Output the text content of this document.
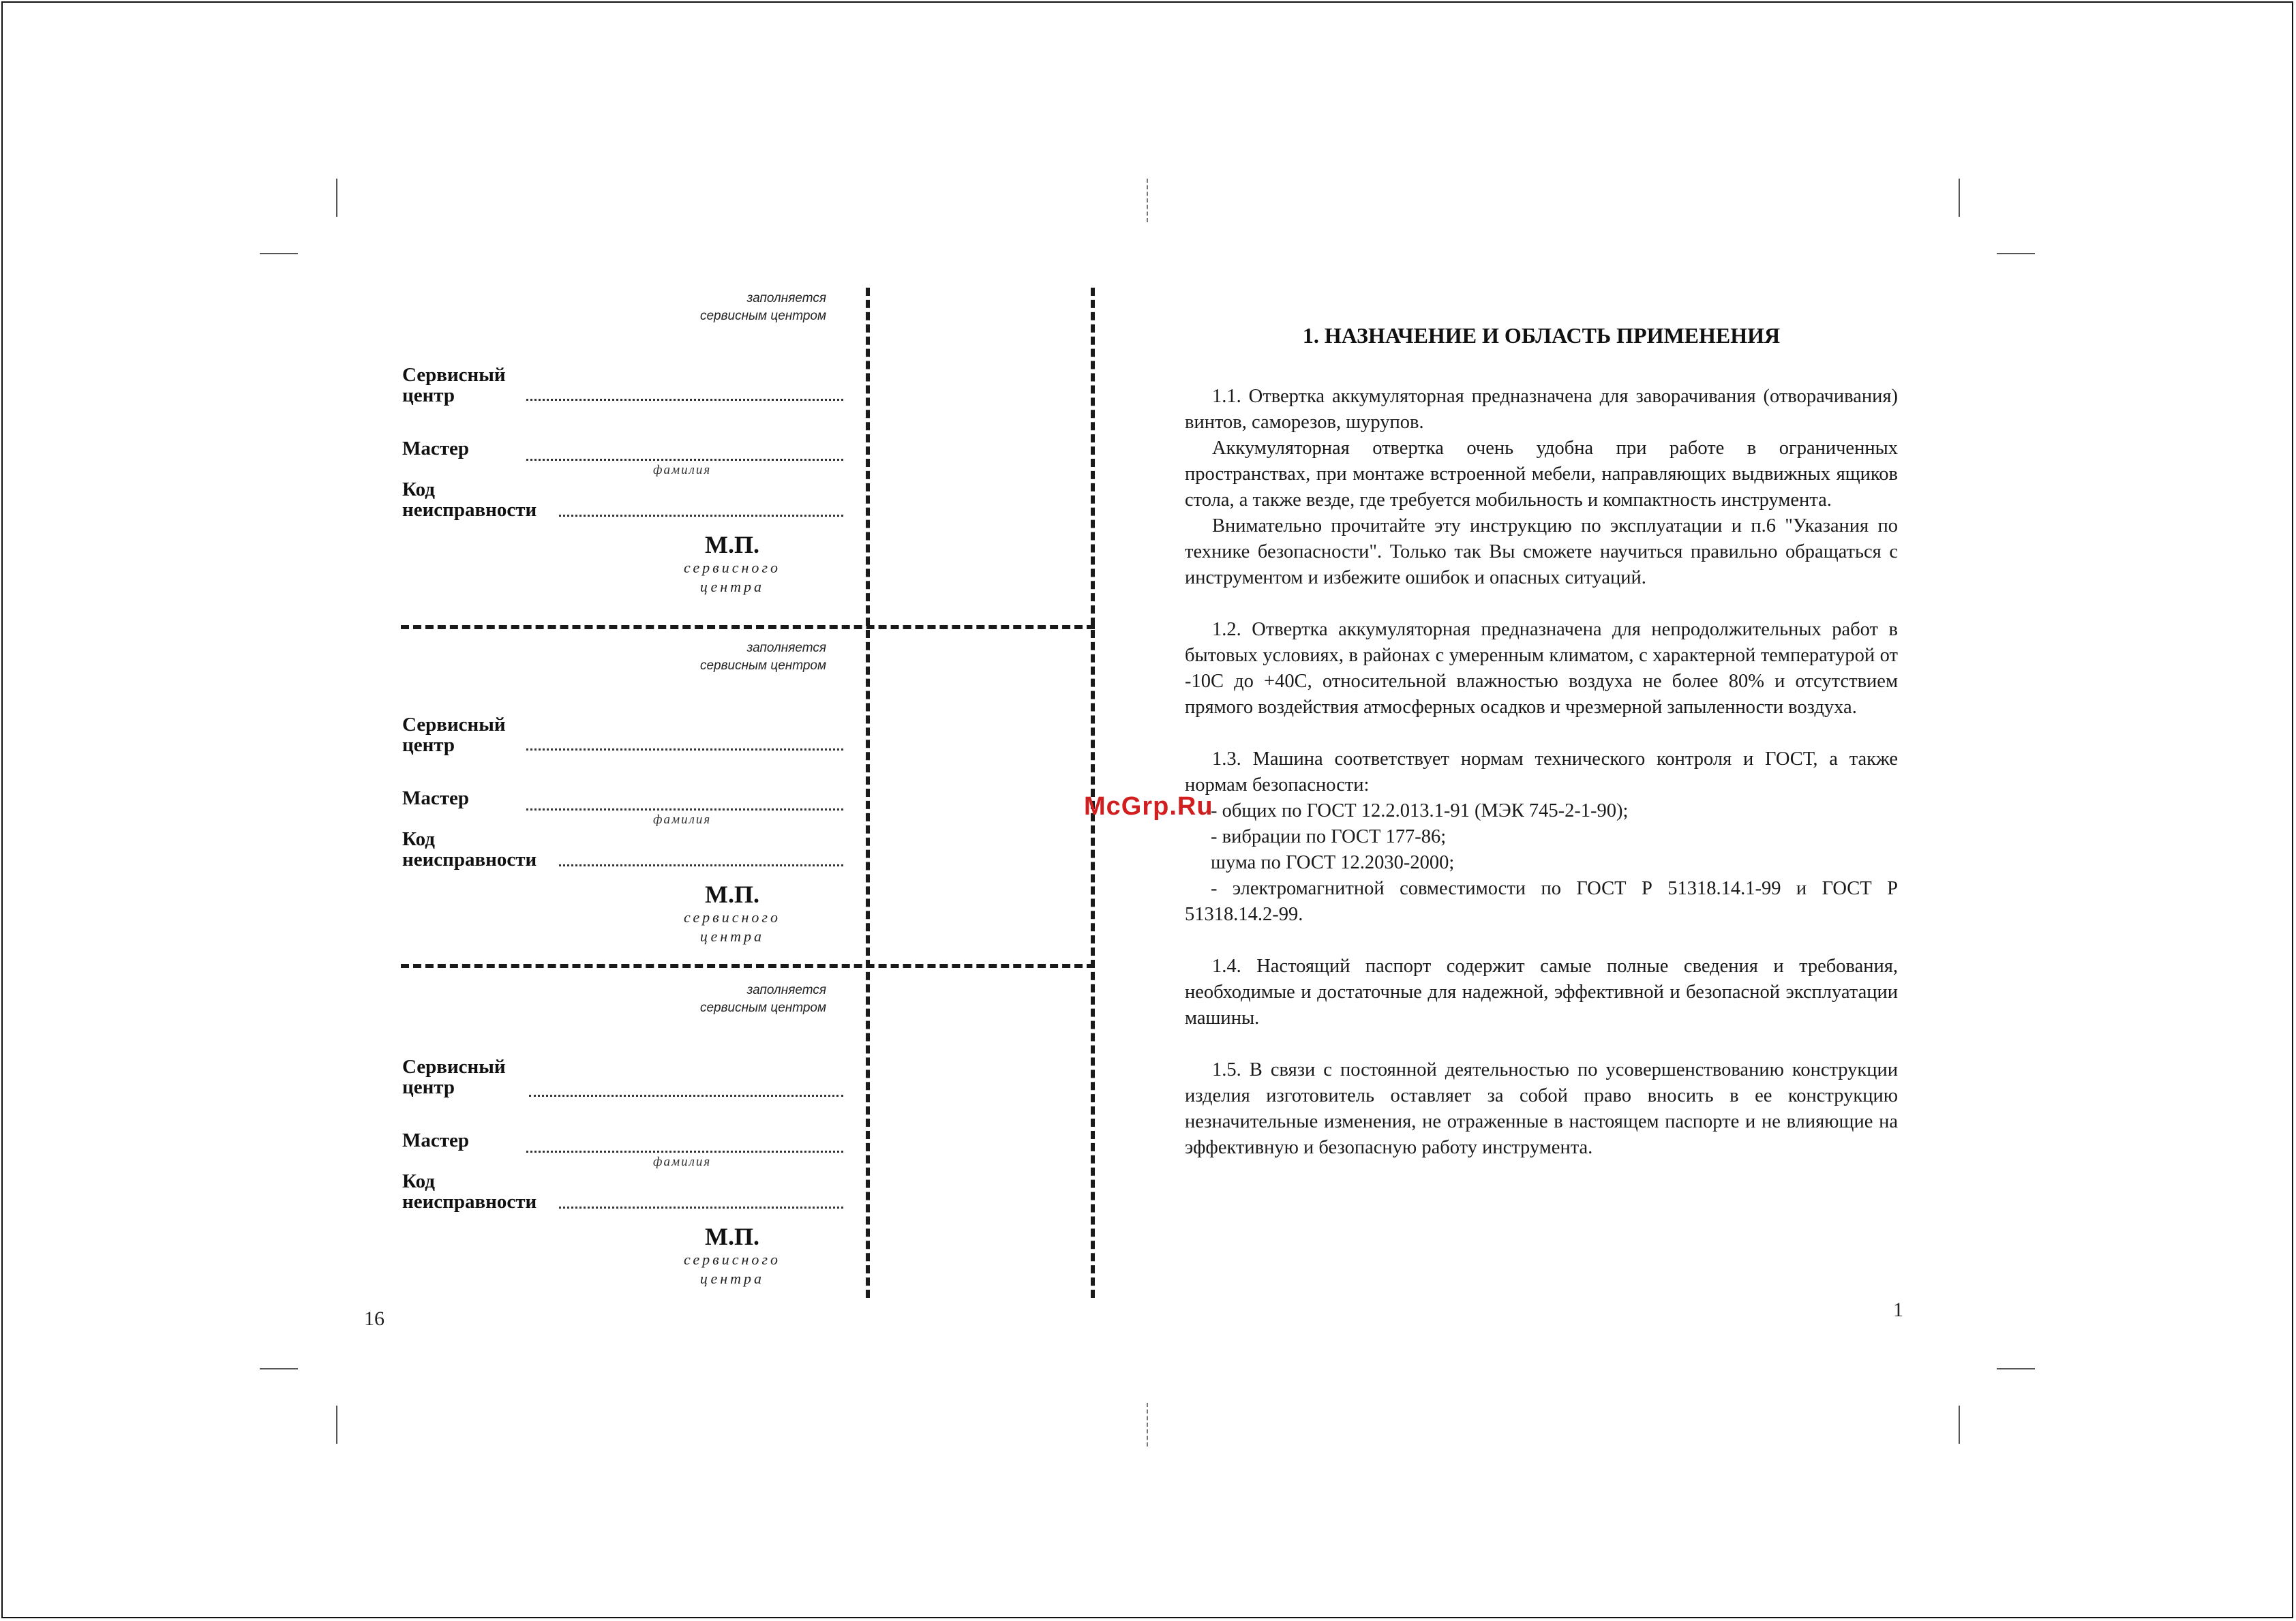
заполняется
сервисным центром
Сервисный
центр
Мастер
фамилия
Код
неисправности
М.П.
сервисного
центра
заполняется
сервисным центром
Сервисный
центр
Мастер
фамилия
Код
неисправности
М.П.
сервисного
центра
заполняется
сервисным центром
Сервисный
центр
Мастер
фамилия
Код
неисправности
М.П.
сервисного
центра
16
1. НАЗНАЧЕНИЕ И ОБЛАСТЬ ПРИМЕНЕНИЯ

1.1. Отвертка аккумуляторная предназначена для заворачивания (отворачивания) винтов, саморезов, шурупов.

Аккумуляторная отвертка очень удобна при работе в ограниченных пространствах, при монтаже встроенной мебели, направляющих выдвижных ящиков стола, а также везде, где требуется мобильность и компактность инструмента.

Внимательно прочитайте эту инструкцию по эксплуатации и п.6 "Указания по технике безопасности". Только так Вы сможете научиться правильно обращаться с инструментом и избежите ошибок и опасных ситуаций.

1.2. Отвертка аккумуляторная предназначена для непродолжительных работ в бытовых условиях, в районах с умеренным климатом, с характерной температурой от -10С до +40С, относительной влажностью воздуха не более 80% и отсутствием прямого воздействия атмосферных осадков и чрезмерной запыленности воздуха.

1.3. Машина соответствует нормам технического контроля и ГОСТ, а также нормам безопасности:

- общих по ГОСТ 12.2.013.1-91 (МЭК 745-2-1-90);

- вибрации по ГОСТ 177-86;

шума по ГОСТ 12.2030-2000;

- электромагнитной совместимости по ГОСТ Р 51318.14.1-99 и ГОСТ Р 51318.14.2-99.

1.4. Настоящий паспорт содержит самые полные сведения и требования, необходимые и достаточные для надежной, эффективной и безопасной эксплуатации машины.

1.5. В связи с постоянной деятельностью по усовершенствованию конструкции изделия изготовитель оставляет за собой право вносить в ее конструкцию незначительные изменения, не отраженные в настоящем паспорте и не влияющие на эффективную и безопасную работу инструмента.

1
McGrp.Ru
